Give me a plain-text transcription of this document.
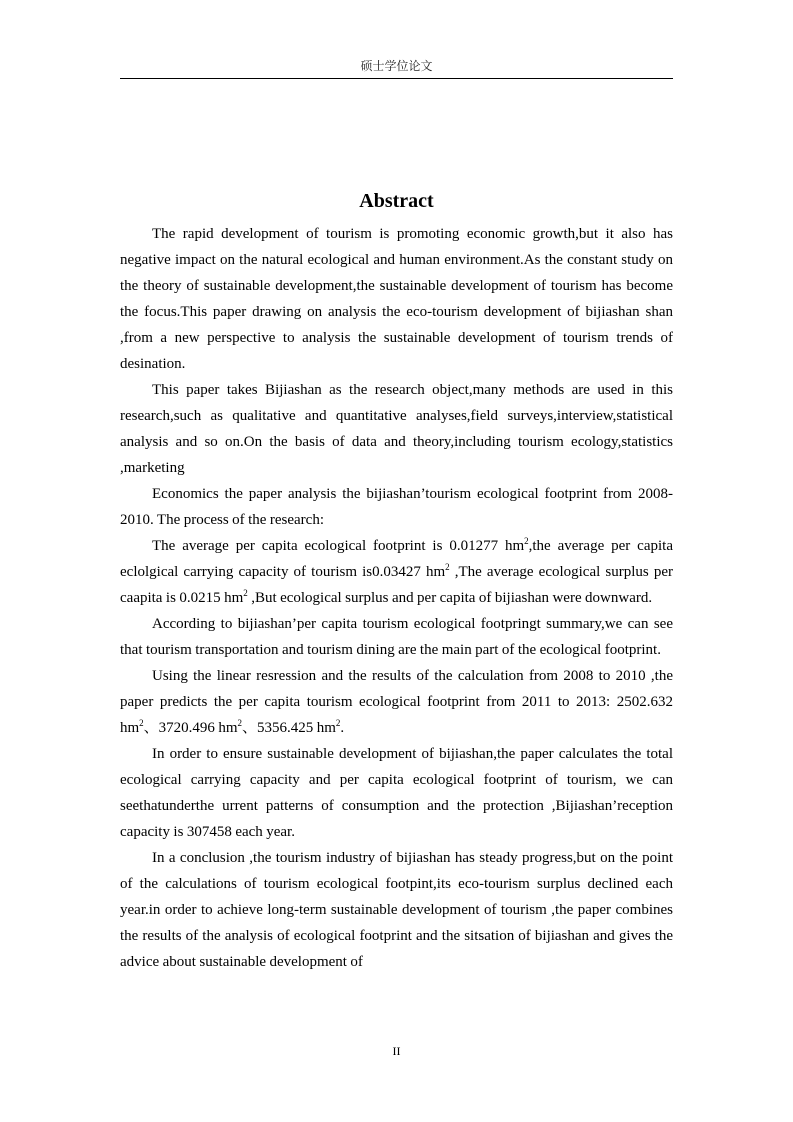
硕士学位论文
Abstract

The rapid development of tourism is promoting economic growth,but it also has negative impact on the natural ecological and human environment.As the constant study on the theory of sustainable development,the sustainable development of tourism has become the focus.This paper drawing on analysis the eco-tourism development of bijiashan shan ,from a new perspective to analysis the sustainable development of tourism trends of desination.

This paper takes Bijiashan as the research object,many methods are used in this research,such as qualitative and quantitative analyses,field surveys,interview,statistical analysis and so on.On the basis of data and theory,including tourism ecology,statistics ,marketing

Economics the paper analysis the bijiashan’tourism ecological footprint from 2008-2010. The process of the research:

The average per capita ecological footprint is 0.01277 $hm^2,the$ average per capita eclolgical carrying capacity of tourism is0.03427 $hm^2$ ,The average ecological surplus per caapita is 0.0215 $hm^2$ ,But ecological surplus and per capita of bijiashan were downward.

According to bijiashan’per capita tourism ecological footpringt summary,we can see that tourism transportation and tourism dining are the main part of the ecological footprint.

Using the linear resression and the results of the calculation from 2008 to 2010 ,the paper predicts the per capita tourism ecological footprint from 2011 to 2013: 2502.632 $hm^2$、3720.496 $hm^2$、5356.425 $hm^2$.

In order to ensure sustainable development of bijiashan,the paper calculates the total ecological carrying capacity and per capita ecological footprint of tourism, we can seethatunderthe urrent patterns of consumption and the protection ,Bijiashan’reception capacity is 307458 each year.

In a conclusion ,the tourism industry of bijiashan has steady progress,but on the point of the calculations of tourism ecological footpint,its eco-tourism surplus declined each year.in order to achieve long-term sustainable development of tourism ,the paper combines the results of the analysis of ecological footprint and the sitsation of bijiashan and gives the advice about sustainable development of

II
